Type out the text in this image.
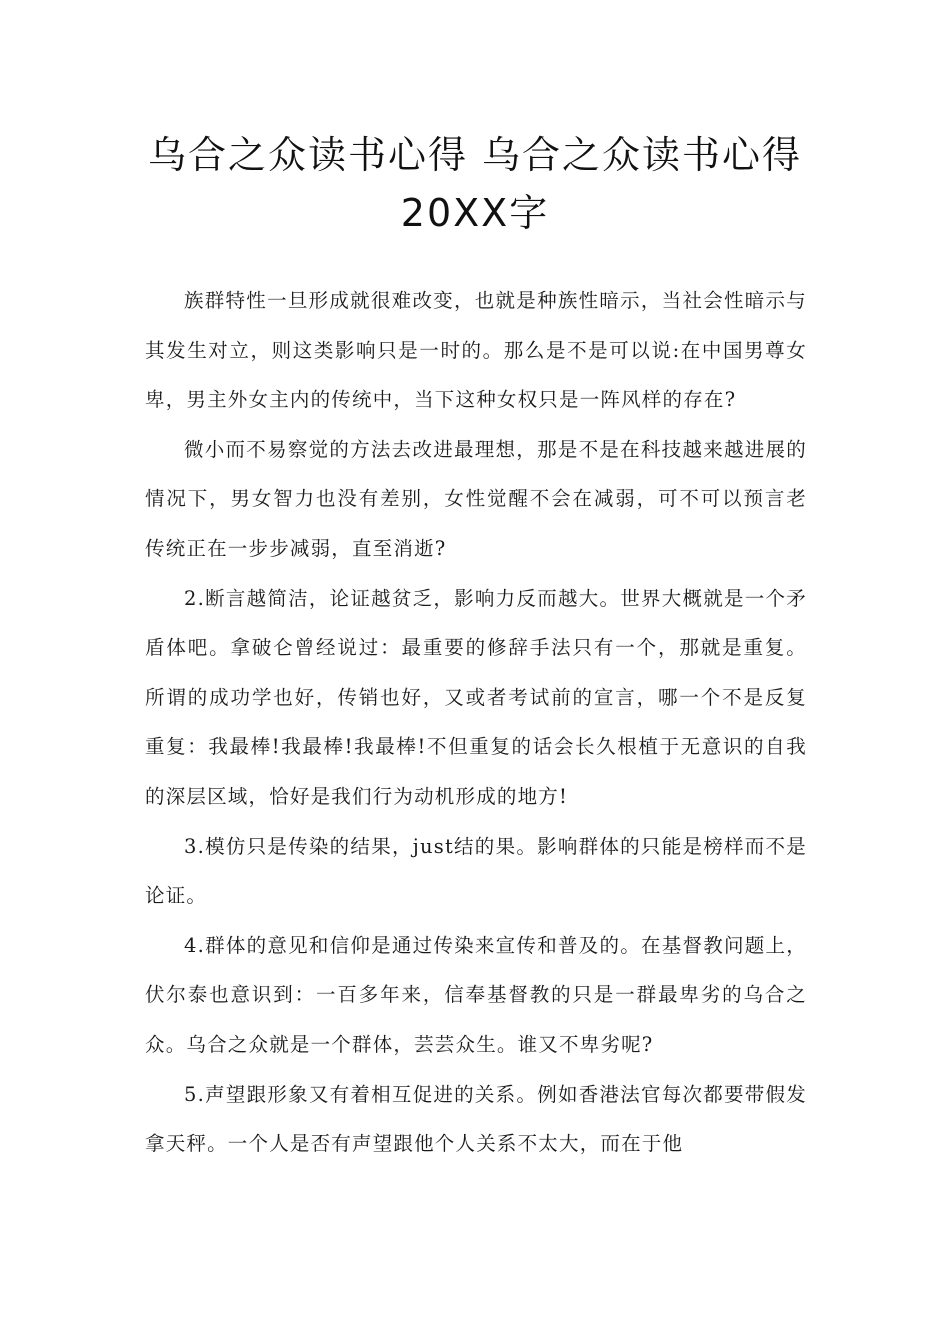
乌合之众读书心得 乌合之众读书心得
20XX字

族群特性一旦形成就很难改变，也就是种族性暗示，当社会性暗示与其发生对立，则这类影响只是一时的。那么是不是可以说:在中国男尊女卑，男主外女主内的传统中，当下这种女权只是一阵风样的存在?

微小而不易察觉的方法去改进最理想，那是不是在科技越来越进展的情况下，男女智力也没有差别，女性觉醒不会在减弱，可不可以预言老传统正在一步步减弱，直至消逝?

2.断言越简洁，论证越贫乏，影响力反而越大。世界大概就是一个矛盾体吧。拿破仑曾经说过：最重要的修辞手法只有一个，那就是重复。所谓的成功学也好，传销也好，又或者考试前的宣言，哪一个不是反复重复：我最棒!我最棒!我最棒!不但重复的话会长久根植于无意识的自我的深层区域，恰好是我们行为动机形成的地方!

3.模仿只是传染的结果，just结的果。影响群体的只能是榜样而不是论证。

4.群体的意见和信仰是通过传染来宣传和普及的。在基督教问题上，伏尔泰也意识到：一百多年来，信奉基督教的只是一群最卑劣的乌合之众。乌合之众就是一个群体，芸芸众生。谁又不卑劣呢?

5.声望跟形象又有着相互促进的关系。例如香港法官每次都要带假发拿天秤。一个人是否有声望跟他个人关系不太大，而在于他
